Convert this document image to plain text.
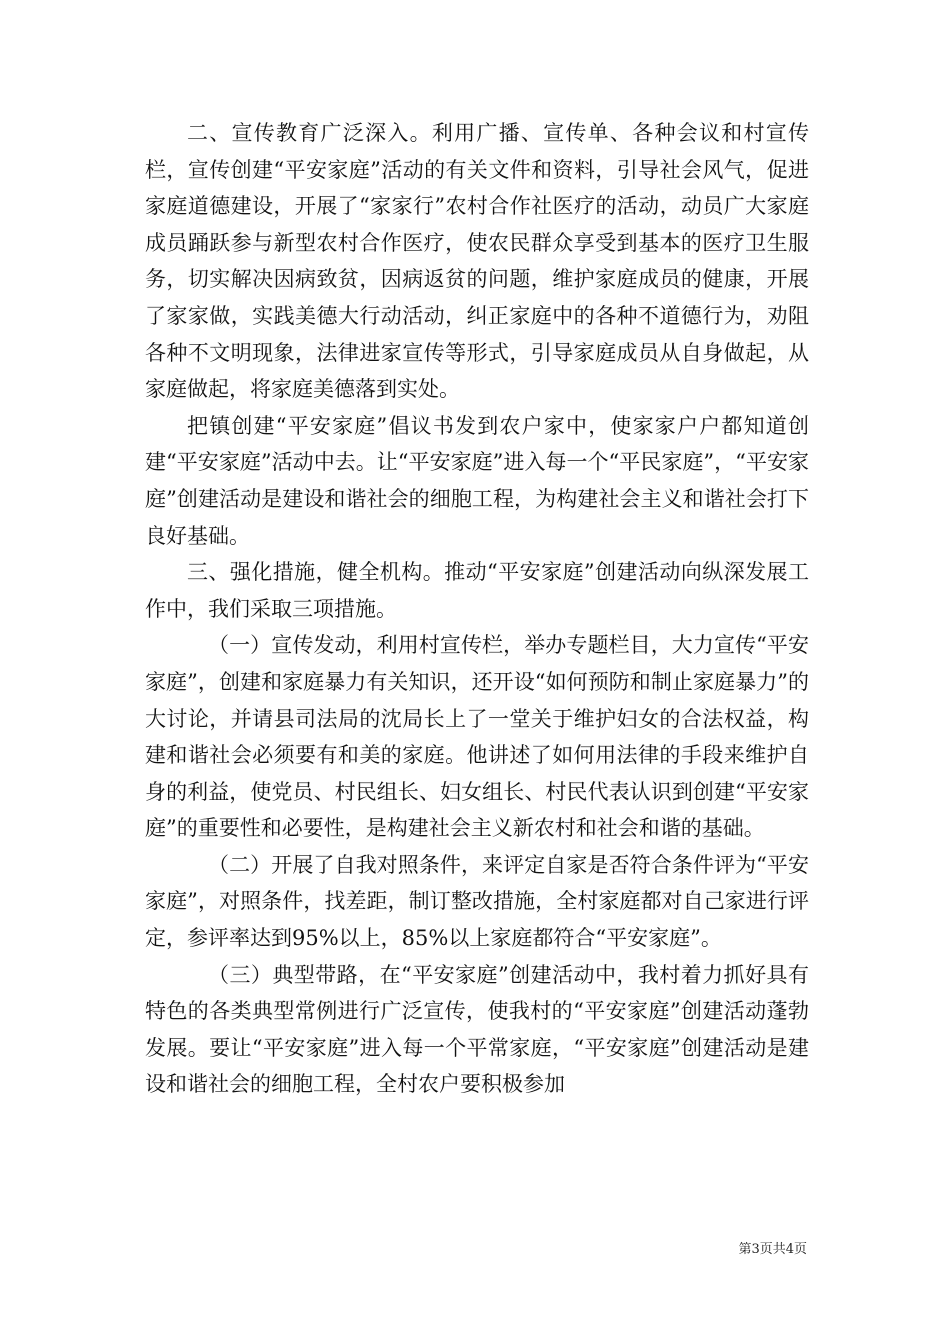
二、宣传教育广泛深入。利用广播、宣传单、各种会议和村宣传栏，宣传创建“平安家庭”活动的有关文件和资料，引导社会风气，促进家庭道德建设，开展了“家家行”农村合作社医疗的活动，动员广大家庭成员踊跃参与新型农村合作医疗，使农民群众享受到基本的医疗卫生服务，切实解决因病致贫，因病返贫的问题，维护家庭成员的健康，开展了家家做，实践美德大行动活动，纠正家庭中的各种不道德行为，劝阻各种不文明现象，法律进家宣传等形式，引导家庭成员从自身做起，从家庭做起，将家庭美德落到实处。

把镇创建“平安家庭”倡议书发到农户家中，使家家户户都知道创建“平安家庭”活动中去。让“平安家庭”进入每一个“平民家庭”，“平安家庭”创建活动是建设和谐社会的细胞工程，为构建社会主义和谐社会打下良好基础。

三、强化措施，健全机构。推动“平安家庭”创建活动向纵深发展工作中，我们采取三项措施。

（一）宣传发动，利用村宣传栏，举办专题栏目，大力宣传“平安家庭”，创建和家庭暴力有关知识，还开设“如何预防和制止家庭暴力”的大讨论，并请县司法局的沈局长上了一堂关于维护妇女的合法权益，构建和谐社会必须要有和美的家庭。他讲述了如何用法律的手段来维护自身的利益，使党员、村民组长、妇女组长、村民代表认识到创建“平安家庭”的重要性和必要性，是构建社会主义新农村和社会和谐的基础。

（二）开展了自我对照条件，来评定自家是否符合条件评为“平安家庭”，对照条件，找差距，制订整改措施，全村家庭都对自己家进行评定，参评率达到95%以上，85%以上家庭都符合“平安家庭”。

（三）典型带路，在“平安家庭”创建活动中，我村着力抓好具有特色的各类典型常例进行广泛宣传，使我村的“平安家庭”创建活动蓬勃发展。要让“平安家庭”进入每一个平常家庭，“平安家庭”创建活动是建设和谐社会的细胞工程，全村农户要积极参加

第3页共4页
